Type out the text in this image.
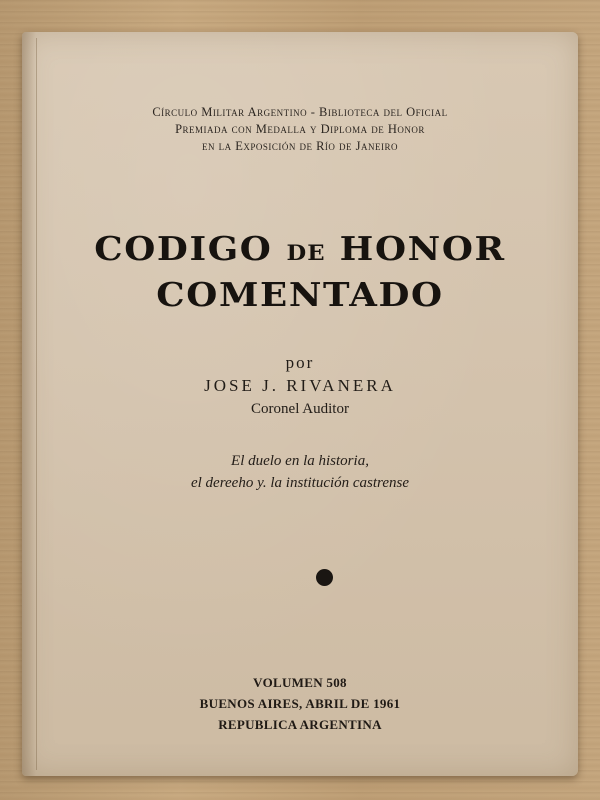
Círculo Militar Argentino - Biblioteca del Oficial
Premiada con Medalla y Diploma de Honor
en la Exposición de Río de Janeiro
CODIGO DE HONOR
COMENTADO
por
JOSE J. RIVANERA
Coronel Auditor
El duelo en la historia,
el dereeho y. la institución castrense
VOLUMEN 508
BUENOS AIRES, ABRIL DE 1961
REPUBLICA ARGENTINA
